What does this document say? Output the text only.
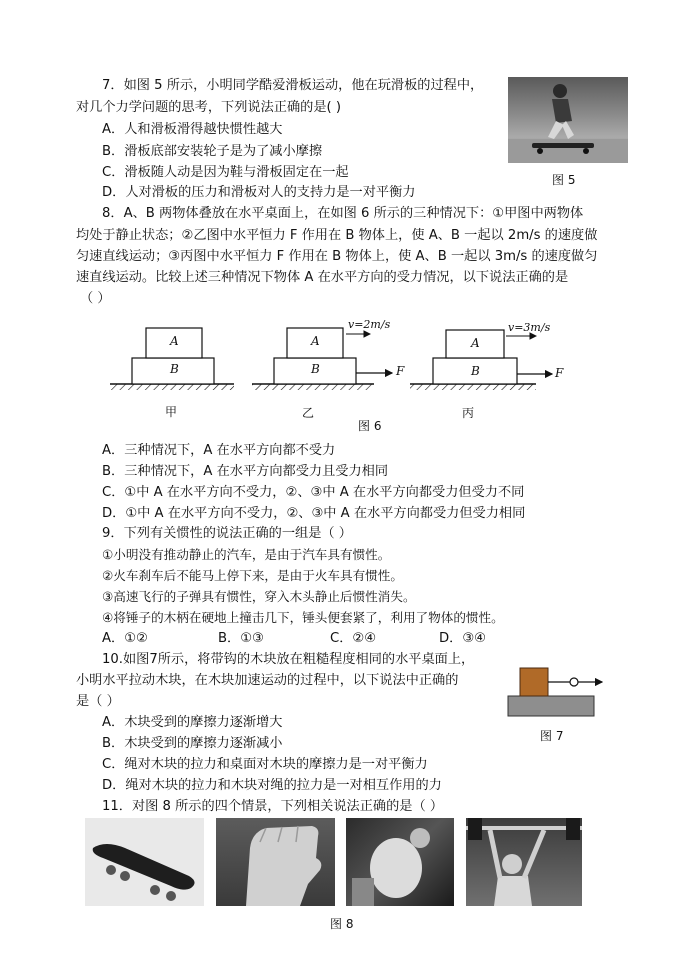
7．如图 5 所示，小明同学酷爱滑板运动，他在玩滑板的过程中，
对几个力学问题的思考，下列说法正确的是( )
A．人和滑板滑得越快惯性越大
B．滑板底部安装轮子是为了减小摩擦
C．滑板随人动是因为鞋与滑板固定在一起
D．人对滑板的压力和滑板对人的支持力是一对平衡力
图 5
8．A、B 两物体叠放在水平桌面上，在如图 6 所示的三种情况下：①甲图中两物体
均处于静止状态；②乙图中水平恒力 F 作用在 B 物体上，使 A、B 一起以 2m/s 的速度做
匀速直线运动；③丙图中水平恒力 F 作用在 B 物体上，使 A、B 一起以 3m/s 的速度做匀
速直线运动。比较上述三种情况下物体 A 在水平方向的受力情况，以下说法正确的是
（ ）
A
B
A
B	F
v=2m/s
A
B	F
v=3m/s
甲	乙	丙
图 6
A．三种情况下，A 在水平方向都不受力
B．三种情况下，A 在水平方向都受力且受力相同
C．①中 A 在水平方向不受力，②、③中 A 在水平方向都受力但受力不同
D．①中 A 在水平方向不受力，②、③中 A 在水平方向都受力但受力相同
9．下列有关惯性的说法正确的一组是（ ）
①小明没有推动静止的汽车，是由于汽车具有惯性。
②火车刹车后不能马上停下来，是由于火车具有惯性。
③高速飞行的子弹具有惯性，穿入木头静止后惯性消失。
④将锤子的木柄在硬地上撞击几下，锤头便套紧了，利用了物体的惯性。
A．①②	B．①③	C．②④	D．③④
10.如图7所示，将带钩的木块放在粗糙程度相同的水平桌面上，
小明水平拉动木块，在木块加速运动的过程中，以下说法中正确的
是（ ）
A．木块受到的摩擦力逐渐增大
B．木块受到的摩擦力逐渐减小
C．绳对木块的拉力和桌面对木块的摩擦力是一对平衡力
D．绳对木块的拉力和木块对绳的拉力是一对相互作用的力
图 7
11．对图 8 所示的四个情景，下列相关说法正确的是（ ）
图 8
